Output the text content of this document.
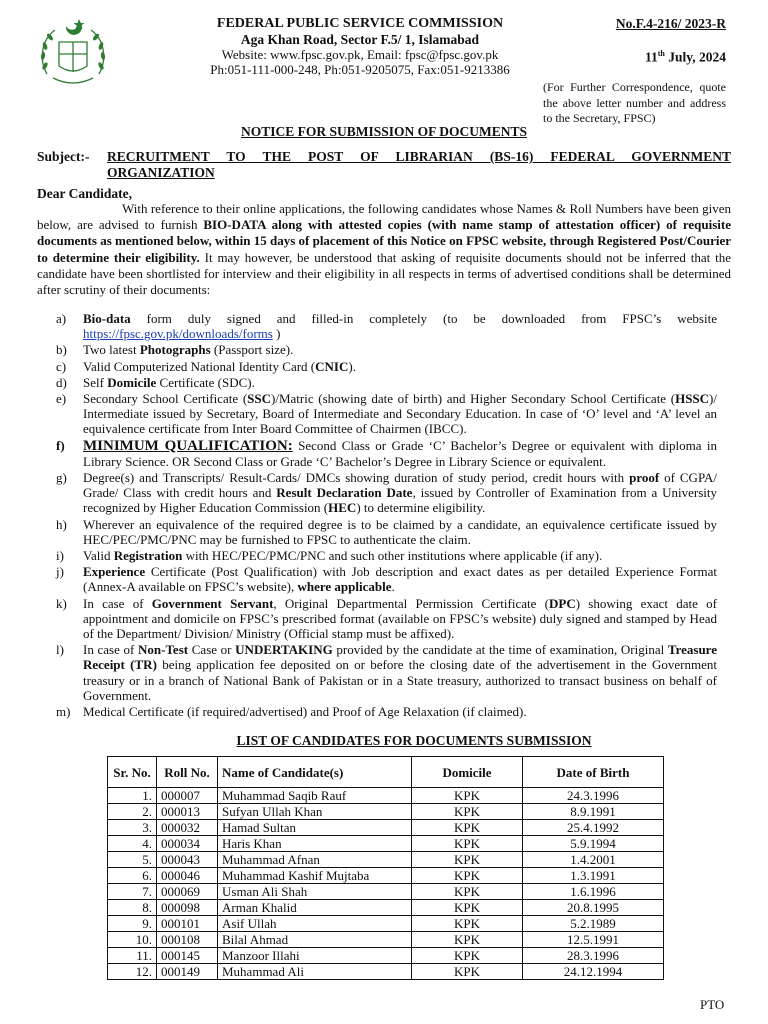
FEDERAL PUBLIC SERVICE COMMISSION
Aga Khan Road, Sector F.5/ 1, Islamabad
Website: www.fpsc.gov.pk, Email: fpsc@fpsc.gov.pk
Ph:051-111-000-248, Ph:051-9205075, Fax:051-9213386
No.F.4-216/ 2023-R
11th July, 2024
(For Further Correspondence, quote the above letter number and address to the Secretary, FPSC)
NOTICE FOR SUBMISSION OF DOCUMENTS
Subject:- RECRUITMENT TO THE POST OF LIBRARIAN (BS-16) FEDERAL GOVERNMENT ORGANIZATION
Dear Candidate,
With reference to their online applications, the following candidates whose Names & Roll Numbers have been given below, are advised to furnish BIO-DATA along with attested copies (with name stamp of attestation officer) of requisite documents as mentioned below, within 15 days of placement of this Notice on FPSC website, through Registered Post/Courier to determine their eligibility. It may however, be understood that asking of requisite documents should not be inferred that the candidate have been shortlisted for interview and their eligibility in all respects in terms of advertised conditions shall be determined after scrutiny of their documents:
a) Bio-data form duly signed and filled-in completely (to be downloaded from FPSC’s website https://fpsc.gov.pk/downloads/forms )
b) Two latest Photographs (Passport size).
c) Valid Computerized National Identity Card (CNIC).
d) Self Domicile Certificate (SDC).
e) Secondary School Certificate (SSC)/Matric (showing date of birth) and Higher Secondary School Certificate (HSSC)/ Intermediate issued by Secretary, Board of Intermediate and Secondary Education. In case of ‘O’ level and ‘A’ level an equivalence certificate from Inter Board Committee of Chairmen (IBCC).
f) MINIMUM QUALIFICATION: Second Class or Grade ‘C’ Bachelor’s Degree or equivalent with diploma in Library Science. OR Second Class or Grade ‘C’ Bachelor’s Degree in Library Science or equivalent.
g) Degree(s) and Transcripts/ Result-Cards/ DMCs showing duration of study period, credit hours with proof of CGPA/ Grade/ Class with credit hours and Result Declaration Date, issued by Controller of Examination from a University recognized by Higher Education Commission (HEC) to determine eligibility.
h) Wherever an equivalence of the required degree is to be claimed by a candidate, an equivalence certificate issued by HEC/PEC/PMC/PNC may be furnished to FPSC to authenticate the claim.
i) Valid Registration with HEC/PEC/PMC/PNC and such other institutions where applicable (if any).
j) Experience Certificate (Post Qualification) with Job description and exact dates as per detailed Experience Format (Annex-A available on FPSC’s website), where applicable.
k) In case of Government Servant, Original Departmental Permission Certificate (DPC) showing exact date of appointment and domicile on FPSC’s prescribed format (available on FPSC’s website) duly signed and stamped by Head of the Department/ Division/ Ministry (Official stamp must be affixed).
l) In case of Non-Test Case or UNDERTAKING provided by the candidate at the time of examination, Original Treasure Receipt (TR) being application fee deposited on or before the closing date of the advertisement in the Government treasury or in a branch of National Bank of Pakistan or in a State treasury, authorized to transact business on behalf of Government.
m) Medical Certificate (if required/advertised) and Proof of Age Relaxation (if claimed).
LIST OF CANDIDATES FOR DOCUMENTS SUBMISSION
Sr. No.	Roll No.	Name of Candidate(s)	Domicile	Date of Birth
1.	000007	Muhammad Saqib Rauf	KPK	24.3.1996
2.	000013	Sufyan Ullah Khan	KPK	8.9.1991
3.	000032	Hamad Sultan	KPK	25.4.1992
4.	000034	Haris Khan	KPK	5.9.1994
5.	000043	Muhammad Afnan	KPK	1.4.2001
6.	000046	Muhammad Kashif Mujtaba	KPK	1.3.1991
7.	000069	Usman Ali Shah	KPK	1.6.1996
8.	000098	Arman Khalid	KPK	20.8.1995
9.	000101	Asif Ullah	KPK	5.2.1989
10.	000108	Bilal Ahmad	KPK	12.5.1991
11.	000145	Manzoor Illahi	KPK	28.3.1996
12.	000149	Muhammad Ali	KPK	24.12.1994
PTO
